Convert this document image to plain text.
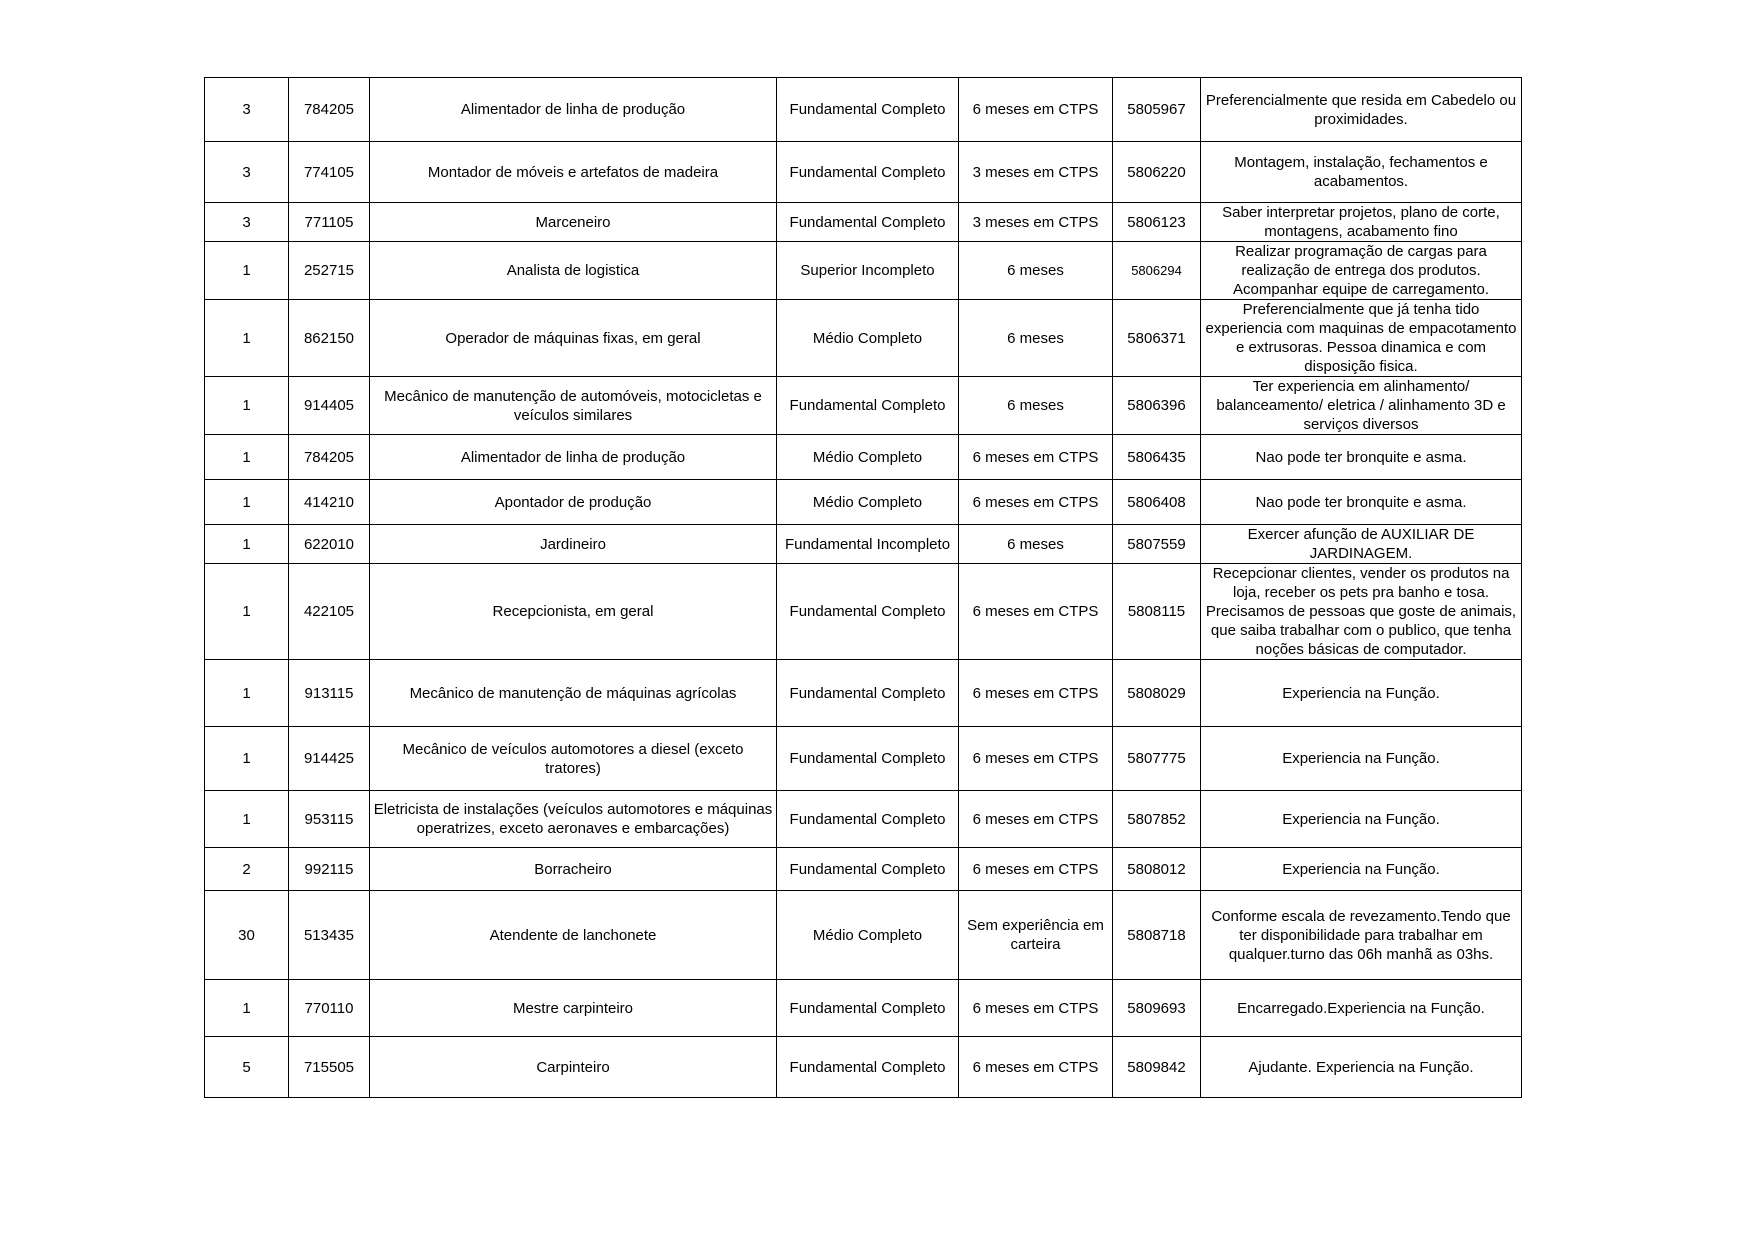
3	784205	Alimentador de linha de produção	Fundamental Completo	6 meses em CTPS	5805967	Preferencialmente que resida em Cabedelo ou proximidades.
3	774105	Montador de móveis e artefatos de madeira	Fundamental Completo	3 meses em CTPS	5806220	Montagem, instalação, fechamentos e acabamentos.
3	771105	Marceneiro	Fundamental Completo	3 meses em CTPS	5806123	Saber interpretar projetos, plano de corte, montagens, acabamento fino
1	252715	Analista de logistica	Superior Incompleto	6 meses	5806294	Realizar programação de cargas para realização de entrega dos produtos. Acompanhar equipe de carregamento.
1	862150	Operador de máquinas fixas, em geral	Médio Completo	6 meses	5806371	Preferencialmente que já tenha tido experiencia com maquinas de empacotamento e extrusoras. Pessoa dinamica e com disposição fisica.
1	914405	Mecânico de manutenção de automóveis, motocicletas e veículos similares	Fundamental Completo	6 meses	5806396	Ter experiencia em alinhamento/ balanceamento/ eletrica / alinhamento 3D e serviços diversos
1	784205	Alimentador de linha de produção	Médio Completo	6 meses em CTPS	5806435	Nao pode ter bronquite e asma.
1	414210	Apontador de produção	Médio Completo	6 meses em CTPS	5806408	Nao pode ter bronquite e asma.
1	622010	Jardineiro	Fundamental Incompleto	6 meses	5807559	Exercer afunção de AUXILIAR DE JARDINAGEM.
1	422105	Recepcionista, em geral	Fundamental Completo	6 meses em CTPS	5808115	Recepcionar clientes, vender os produtos na loja, receber os pets pra banho e tosa. Precisamos de pessoas que goste de animais, que saiba trabalhar com o publico, que tenha noções básicas de computador.
1	913115	Mecânico de manutenção de máquinas agrícolas	Fundamental Completo	6 meses em CTPS	5808029	Experiencia na Função.
1	914425	Mecânico de veículos automotores a diesel (exceto tratores)	Fundamental Completo	6 meses em CTPS	5807775	Experiencia na Função.
1	953115	Eletricista de instalações (veículos automotores e máquinas operatrizes, exceto aeronaves e embarcações)	Fundamental Completo	6 meses em CTPS	5807852	Experiencia na Função.
2	992115	Borracheiro	Fundamental Completo	6 meses em CTPS	5808012	Experiencia na Função.
30	513435	Atendente de lanchonete	Médio Completo	Sem experiência em carteira	5808718	Conforme escala de revezamento.Tendo que ter disponibilidade para trabalhar em qualquer.turno das 06h manhã as 03hs.
1	770110	Mestre carpinteiro	Fundamental Completo	6 meses em CTPS	5809693	Encarregado.Experiencia na Função.
5	715505	Carpinteiro	Fundamental Completo	6 meses em CTPS	5809842	Ajudante. Experiencia na Função.
